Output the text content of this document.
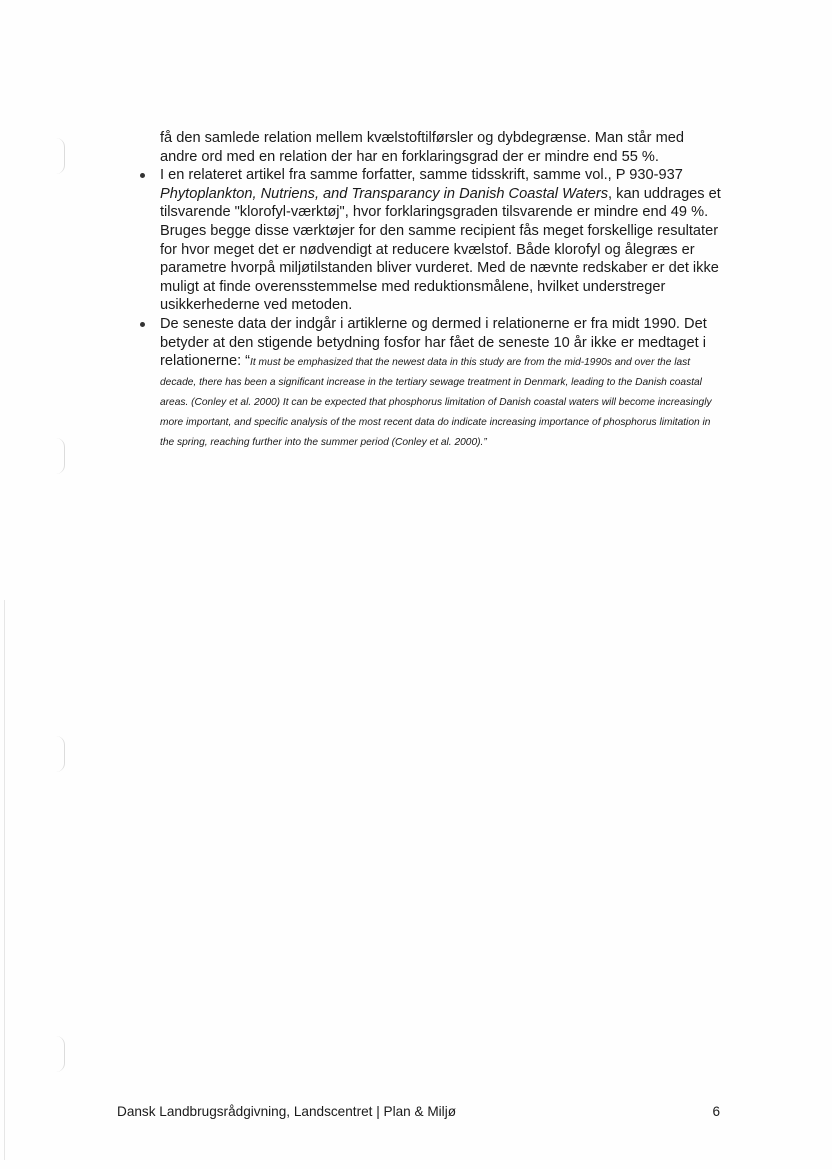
få den samlede relation mellem kvælstoftilførsler og dybdegrænse. Man står med andre ord med en relation der har en forklaringsgrad der er mindre end 55 %.

I en relateret artikel fra samme forfatter, samme tidsskrift, samme vol., P 930-937 Phytoplankton, Nutriens, and Transparancy in Danish Coastal Waters, kan uddrages et tilsvarende "klorofyl-værktøj", hvor forklaringsgraden tilsvarende er mindre end 49 %. Bruges begge disse værktøjer for den samme recipient fås meget forskellige resultater for hvor meget det er nødvendigt at reducere kvælstof. Både klorofyl og ålegræs er parametre hvorpå miljøtilstanden bliver vurderet. Med de nævnte redskaber er det ikke muligt at finde overensstemmelse med reduktionsmålene, hvilket understreger usikkerhederne ved metoden.
De seneste data der indgår i artiklerne og dermed i relationerne er fra midt 1990. Det betyder at den stigende betydning fosfor har fået de seneste 10 år ikke er medtaget i relationerne: “It must be emphasized that the newest data in this study are from the mid-1990s and over the last decade, there has been a significant increase in the tertiary sewage treatment in Denmark, leading to the Danish coastal areas. (Conley et al. 2000) It can be expected that phosphorus limitation of Danish coastal waters will become increasingly more important, and specific analysis of the most recent data do indicate increasing importance of phosphorus limitation in the spring, reaching further into the summer period (Conley et al. 2000).”
Dansk Landbrugsrådgivning, Landscentret | Plan & Miljø	6
